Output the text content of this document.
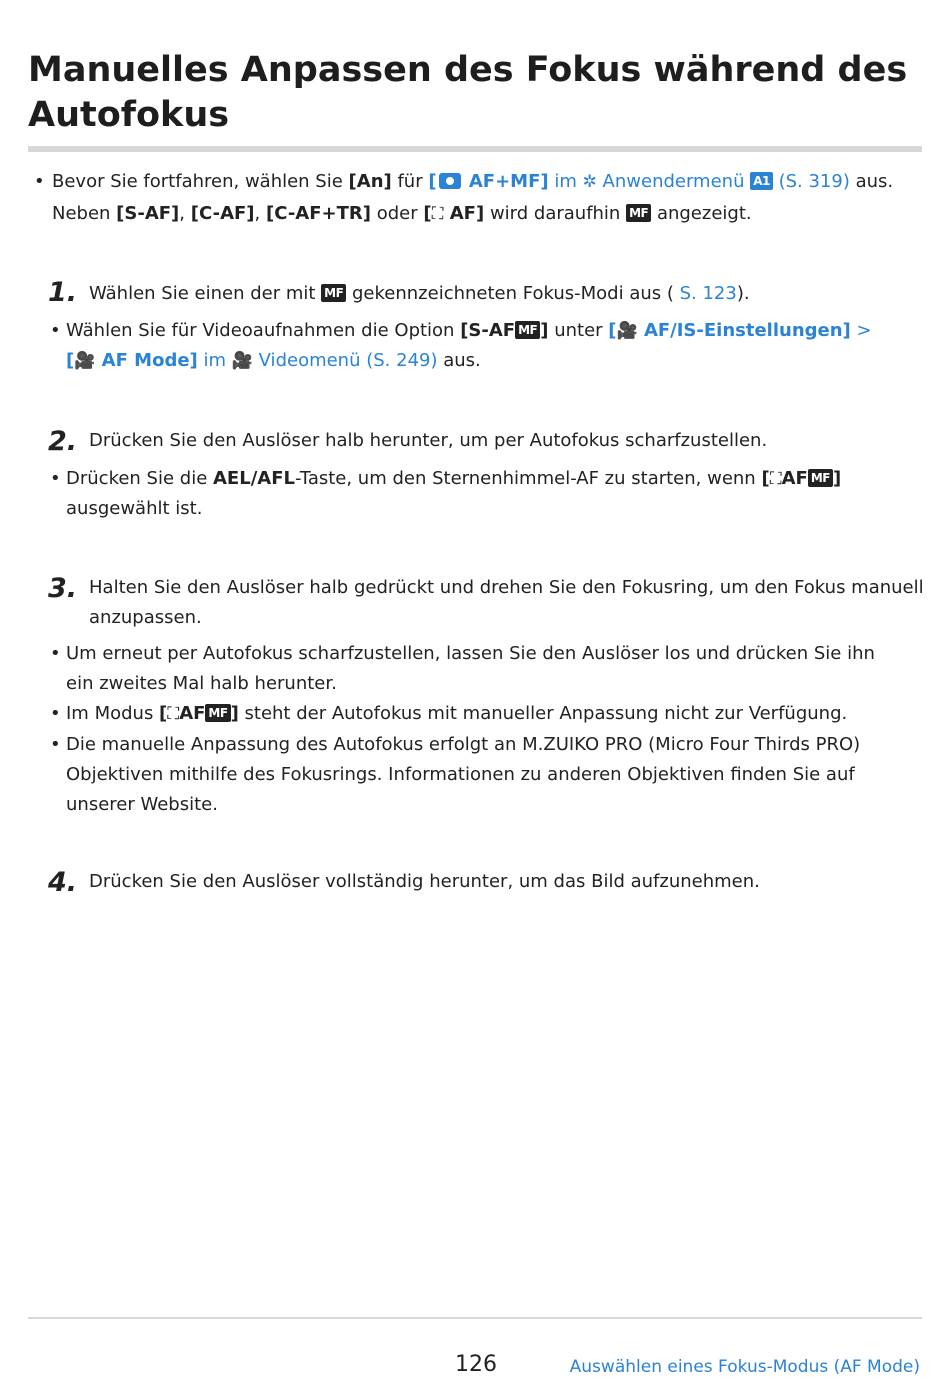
Manuelles Anpassen des Fokus während des Autofokus
• Bevor Sie fortfahren, wählen Sie [An] für [ AF+MF] im ✲ Anwendermenü A1 (S. 319) aus.
Neben [S-AF], [C-AF], [C-AF+TR] oder [⛶ AF] wird daraufhin MF angezeigt.
1. Wählen Sie einen der mit MF gekennzeichneten Fokus-Modi aus ( S. 123).
• Wählen Sie für Videoaufnahmen die Option [S-AF MF ] unter [🎥 AF/IS-Einstellungen] >
[🎥 AF Mode] im 🎥 Videomenü (S. 249) aus.
2. Drücken Sie den Auslöser halb herunter, um per Autofokus scharfzustellen.
• Drücken Sie die AEL/AFL-Taste, um den Sternenhimmel-AF zu starten, wenn [⛶AF MF ]
ausgewählt ist.
3. Halten Sie den Auslöser halb gedrückt und drehen Sie den Fokusring, um den Fokus manuell anzupassen.
• Um erneut per Autofokus scharfzustellen, lassen Sie den Auslöser los und drücken Sie ihn ein zweites Mal halb herunter.
• Im Modus [⛶AF MF ] steht der Autofokus mit manueller Anpassung nicht zur Verfügung.
• Die manuelle Anpassung des Autofokus erfolgt an M.ZUIKO PRO (Micro Four Thirds PRO) Objektiven mithilfe des Fokusrings. Informationen zu anderen Objektiven finden Sie auf unserer Website.
4. Drücken Sie den Auslöser vollständig herunter, um das Bild aufzunehmen.
126	Auswählen eines Fokus-Modus (AF Mode)
